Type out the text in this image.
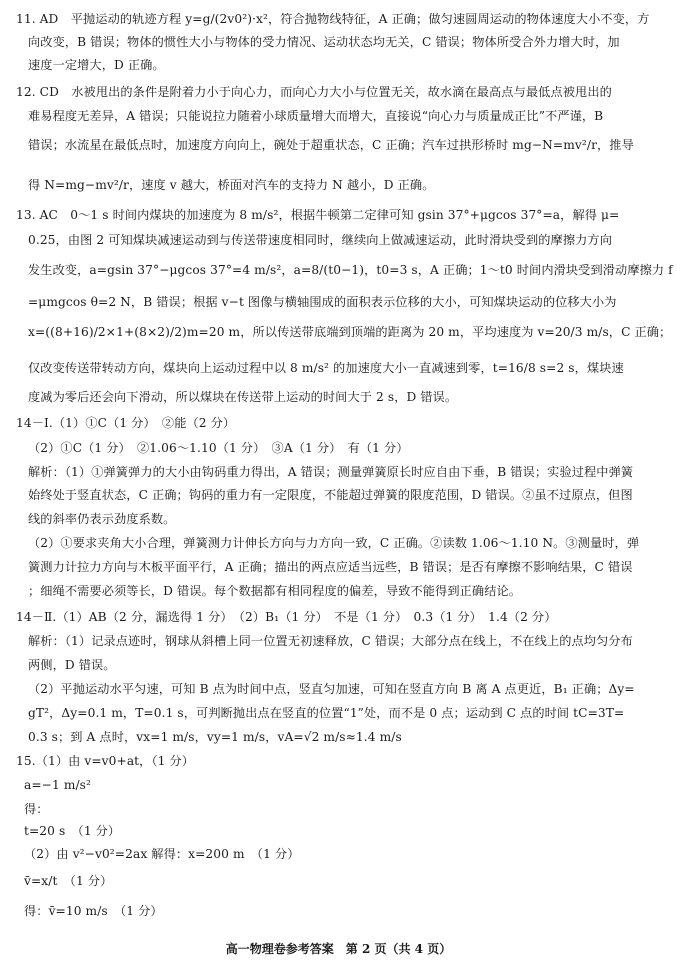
11. AD　平抛运动的轨迹方程 y=g/(2v0²)·x²，符合抛物线特征，A 正确；做匀速圆周运动的物体速度大小不变，方
向改变，B 错误；物体的惯性大小与物体的受力情况、运动状态均无关，C 错误；物体所受合外力增大时，加
速度一定增大，D 正确。
12. CD　水被甩出的条件是附着力小于向心力，而向心力大小与位置无关，故水滴在最高点与最低点被甩出的
难易程度无差异，A 错误；只能说拉力随着小球质量增大而增大，直接说“向心力与质量成正比”不严谨，B
错误；水流星在最低点时，加速度方向向上，碗处于超重状态，C 正确；汽车过拱形桥时 mg−N=mv²/r，推导
得 N=mg−mv²/r，速度 v 越大，桥面对汽车的支持力 N 越小，D 正确。
13. AC　0～1 s 时间内煤块的加速度为 8 m/s²，根据牛顿第二定律可知 gsin 37°+μgcos 37°=a，解得 μ=
0.25，由图 2 可知煤块减速运动到与传送带速度相同时，继续向上做减速运动，此时滑块受到的摩擦力方向
发生改变，a=gsin 37°−μgcos 37°=4 m/s²，a=8/(t0−1)，t0=3 s，A 正确；1～t0 时间内滑块受到滑动摩擦力 f
=μmgcos θ=2 N，B 错误；根据 v−t 图像与横轴围成的面积表示位移的大小，可知煤块运动的位移大小为
x=((8+16)/2×1+(8×2)/2)m=20 m，所以传送带底端到顶端的距离为 20 m，平均速度为 v=20/3 m/s，C 正确；
仅改变传送带转动方向，煤块向上运动过程中以 8 m/s² 的加速度大小一直减速到零，t=16/8 s=2 s，煤块速
度减为零后还会向下滑动，所以煤块在传送带上运动的时间大于 2 s，D 错误。
14－Ⅰ.（1）①C（1 分）　②能（2 分）
（2）①C（1 分）　②1.06～1.10（1 分）　③A（1 分）　有（1 分）
解析：（1）①弹簧弹力的大小由钩码重力得出，A 错误；测量弹簧原长时应自由下垂，B 错误；实验过程中弹簧
始终处于竖直状态，C 正确；钩码的重力有一定限度，不能超过弹簧的限度范围，D 错误。②虽不过原点，但图
线的斜率仍表示劲度系数。
（2）①要求夹角大小合理，弹簧测力计伸长方向与力方向一致，C 正确。②读数 1.06～1.10 N。③测量时，弹
簧测力计拉力方向与木板平面平行，A 正确；描出的两点应适当远些，B 错误；是否有摩擦不影响结果，C 错误
；细绳不需要必须等长，D 错误。每个数据都有相同程度的偏差，导致不能得到正确结论。
14－Ⅱ.（1）AB（2 分，漏选得 1 分）　（2）B₁（1 分）　不是（1 分）　0.3（1 分）　1.4（2 分）
解析：（1）记录点迹时，钢球从斜槽上同一位置无初速释放，C 错误；大部分点在线上，不在线上的点均匀分布
两侧，D 错误。
（2）平抛运动水平匀速，可知 B 点为时间中点，竖直匀加速，可知在竖直方向 B 离 A 点更近，B₁ 正确；Δy=
gT²，Δy=0.1 m，T=0.1 s，可判断抛出点在竖直的位置“1”处，而不是 0 点；运动到 C 点的时间 tC=3T=
0.3 s；到 A 点时，vx=1 m/s，vy=1 m/s，vA=√2 m/s≈1.4 m/s
15.（1）由 v=v0+at，（1 分）
a=−1 m/s²
得：
t=20 s　（1 分）
（2）由 v²−v0²=2ax 解得：x=200 m　（1 分）
v̄=x/t　（1 分）
得：v̄=10 m/s　（1 分）
高一物理卷参考答案　第 2 页（共 4 页）
